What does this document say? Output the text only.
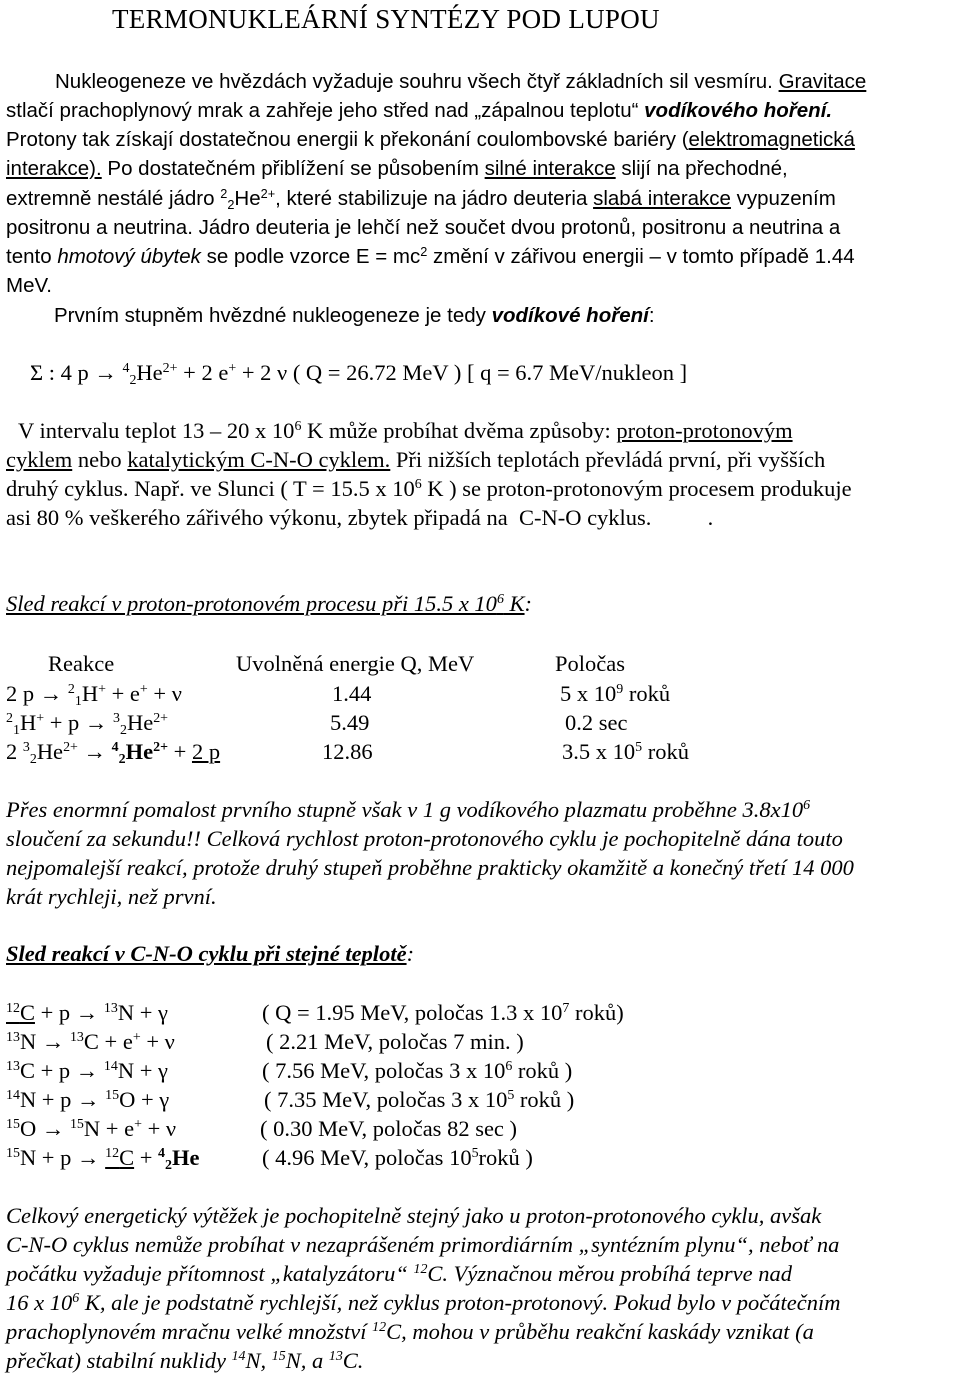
TERMONUKLEÁRNÍ SYNTÉZY POD LUPOU
Nukleogeneze ve hvězdách vyžaduje souhru všech čtyř základních sil vesmíru. Gravitace
stlačí prachoplynový mrak a zahřeje jeho střed nad „zápalnou teplotu“ vodíkového hoření.
Protony tak získají dostatečnou energii k překonání coulombovské bariéry (elektromagnetická
interakce). Po dostatečném přiblížení se působením silné interakce slijí na přechodné,
extremně nestálé jádro $^2_2He^{2+}$, které stabilizuje na jádro deuteria slabá interakce vypuzením
positronu a neutrina. Jádro deuteria je lehčí než součet dvou protonů, positronu a neutrina a
tento hmotový úbytek se podle vzorce $E = mc^2$ změní v zářivou energii – v tomto případě 1.44
MeV.
Prvním stupněm hvězdné nukleogeneze je tedy vodíkové hoření:
Σ : 4 $p \to ^4_2He^{2+} + 2$ e+ + 2 ν ( Q = 26.72 MeV ) [ q = 6.7 MeV/nukleon ]
V intervalu teplot 13 – 20 x $10^6$ K může probíhat dvěma způsoby: proton-protonovým
cyklem nebo katalytickým C-N-O cyklem. Při nižších teplotách převládá první, při vyšších
druhý cyklus. Např. ve Slunci ( T = 15.5 x $10^6$ K ) se proton-protonovým procesem produkuje
asi 80 % veškerého zářivého výkonu, zbytek připadá na  C-N-O cyklus.          .
Sled reakcí v proton-protonovém procesu při 15.5 x $10^6$ K:
Reakce	Uvolněná energie Q, MeV	Poločas
2 p → $^2_1$H+ + e+ + ν	1.44	5 x $10^9$ roků
$^2_1H^+ + p \to ^3_2He^{2+}$	5.49	0.2 sec
2 $^3_2He^{2+} \to ^4_2He^{2+} + 2$ p	12.86	3.5 x $10^5$ roků
Přes enormní pomalost prvního stupně však v 1 g vodíkového plazmatu proběhne $3.8x10^6$
sloučení za sekundu!! Celková rychlost proton-protonového cyklu je pochopitelně dána touto
nejpomalejší reakcí, protože druhý stupeň proběhne prakticky okamžitě a konečný třetí 14 000
krát rychleji, než první.
Sled reakcí v C-N-O cyklu při stejné teplotě:
$^{12}$C + p → $^{13}$N + γ	( Q = 1.95 MeV, poločas 1.3 x $10^7$ roků)
$^{13}$N → $^{13}$C + e+ + ν	( 2.21 MeV, poločas 7 min. )
$^{13}$C + p → $^{14}$N + γ	( 7.56 MeV, poločas 3 x $10^6$ roků )
$^{14}$N + p → $^{15}$O + γ	( 7.35 MeV, poločas 3 x $10^5$ roků )
$^{15}$O → $^{15}$N + e+ + ν	( 0.30 MeV, poločas 82 sec )
$^{15}$N + p → $^{12}$C + $^4_2$He	( 4.96 MeV, poločas $10^5roků$ )
Celkový energetický výtěžek je pochopitelně stejný jako u proton-protonového cyklu, avšak
C-N-O cyklus nemůže probíhat v nezaprášeném primordiárním „syntézním plynu“, neboť na
počátku vyžaduje přítomnost „katalyzátoru“ $^{12}$C. Význačnou měrou probíhá teprve nad
16 x $10^6$ K, ale je podstatně rychlejší, než cyklus proton-protonový. Pokud bylo v počátečním
prachoplynovém mračnu velké množství $^{12}$C, mohou v průběhu reakční kaskády vznikat (a
přečkat) stabilní nuklidy $^{14}$N, $^{15}$N, a $^{13}$C.
